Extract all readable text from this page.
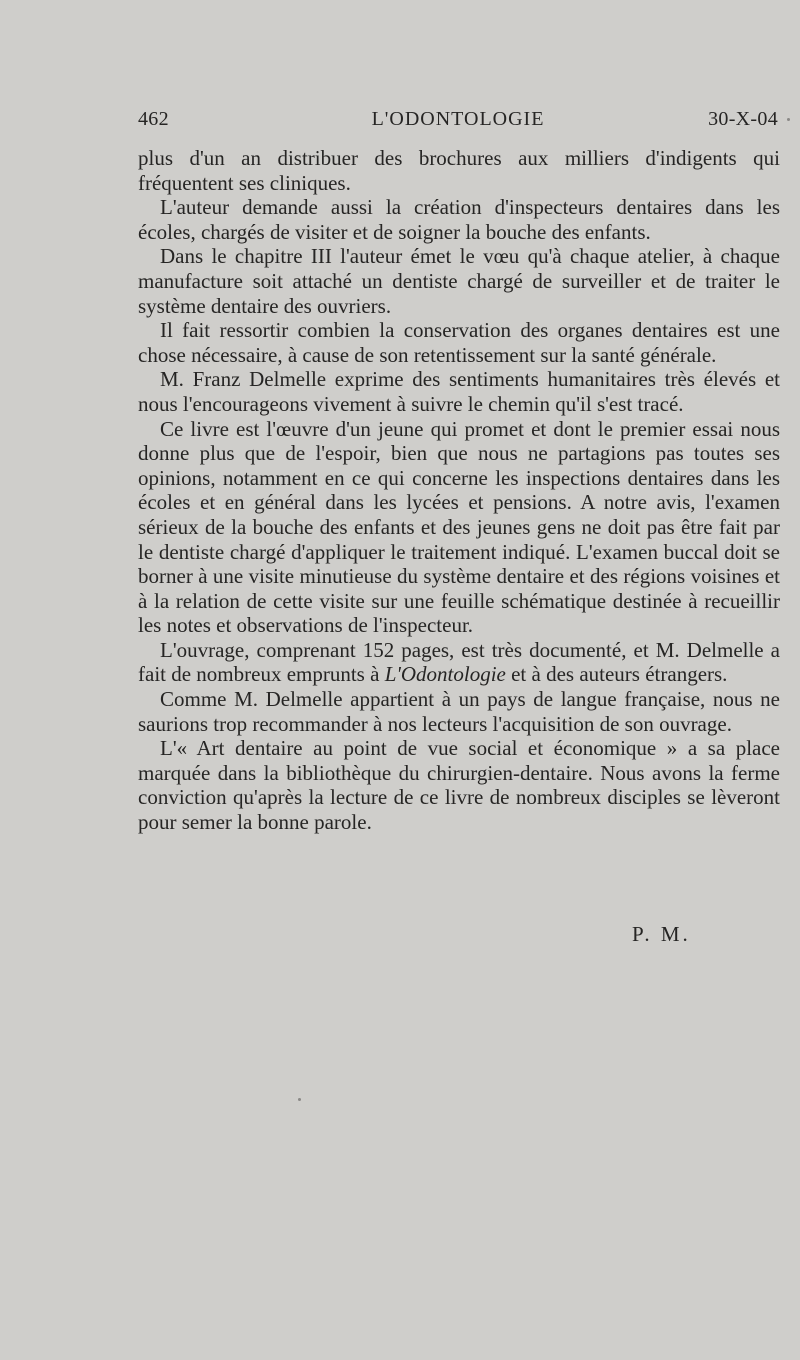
462	L'ODONTOLOGIE	30-X-04

plus d'un an distribuer des brochures aux milliers d'indigents qui fréquentent ses cliniques.

L'auteur demande aussi la création d'inspecteurs dentaires dans les écoles, chargés de visiter et de soigner la bouche des enfants.

Dans le chapitre III l'auteur émet le vœu qu'à chaque atelier, à chaque manufacture soit attaché un dentiste chargé de surveiller et de traiter le système dentaire des ouvriers.

Il fait ressortir combien la conservation des organes dentaires est une chose nécessaire, à cause de son retentissement sur la santé générale.

M. Franz Delmelle exprime des sentiments humanitaires très élevés et nous l'encourageons vivement à suivre le chemin qu'il s'est tracé.

Ce livre est l'œuvre d'un jeune qui promet et dont le premier essai nous donne plus que de l'espoir, bien que nous ne partagions pas toutes ses opinions, notamment en ce qui concerne les inspections dentaires dans les écoles et en général dans les lycées et pensions. A notre avis, l'examen sérieux de la bouche des enfants et des jeunes gens ne doit pas être fait par le dentiste chargé d'appliquer le traitement indiqué. L'examen buccal doit se borner à une visite minutieuse du système dentaire et des régions voisines et à la relation de cette visite sur une feuille schématique destinée à recueillir les notes et observations de l'inspecteur.

L'ouvrage, comprenant 152 pages, est très documenté, et M. Delmelle a fait de nombreux emprunts à L'Odontologie et à des auteurs étrangers.

Comme M. Delmelle appartient à un pays de langue française, nous ne saurions trop recommander à nos lecteurs l'acquisition de son ouvrage.

L'« Art dentaire au point de vue social et économique » a sa place marquée dans la bibliothèque du chirurgien-dentaire. Nous avons la ferme conviction qu'après la lecture de ce livre de nombreux disciples se lèveront pour semer la bonne parole.

P. M.
